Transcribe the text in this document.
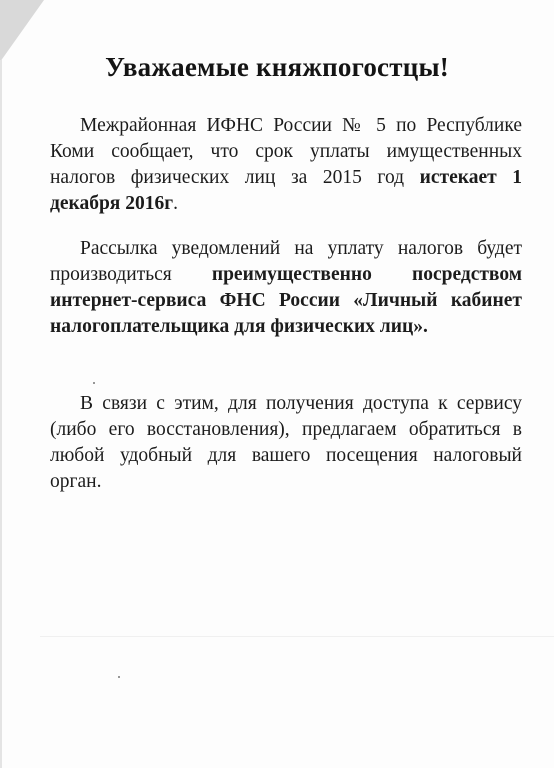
Уважаемые княжпогостцы!
Межрайонная ИФНС России № 5 по Республике Коми сообщает, что срок уплаты имущественных налогов физических лиц за 2015 год истекает 1 декабря 2016г.
Рассылка уведомлений на уплату налогов будет производиться преимущественно посредством интернет-сервиса ФНС России «Личный кабинет налогоплательщика для физических лиц».
В связи с этим, для получения доступа к сервису (либо его восстановления), предлагаем обратиться в любой удобный для вашего посещения налоговый орган.
